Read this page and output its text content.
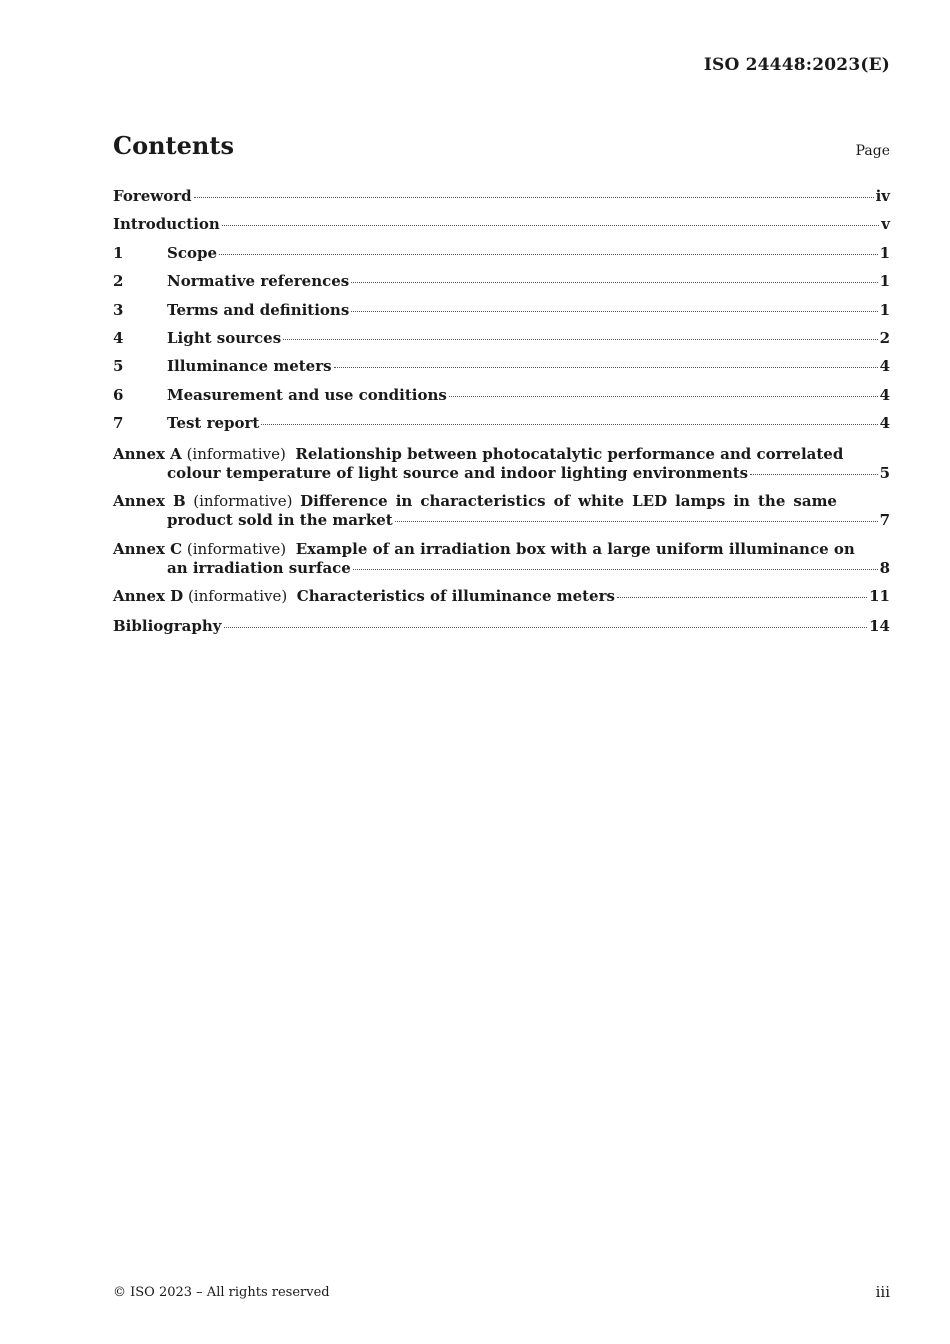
ISO 24448:2023(E)
Contents	Page
Foreword	iv
Introduction	v
1	Scope	1
2	Normative references	1
3	Terms and definitions	1
4	Light sources	2
5	Illuminance meters	4
6	Measurement and use conditions	4
7	Test report	4
Annex A (informative) Relationship between photocatalytic performance and correlated
colour temperature of light source and indoor lighting environments	5
Annex B (informative) Difference in characteristics of white LED lamps in the same
product sold in the market	7
Annex C (informative) Example of an irradiation box with a large uniform illuminance on
an irradiation surface	8
Annex D (informative) Characteristics of illuminance meters	11
Bibliography	14
© ISO 2023 – All rights reserved	iii
